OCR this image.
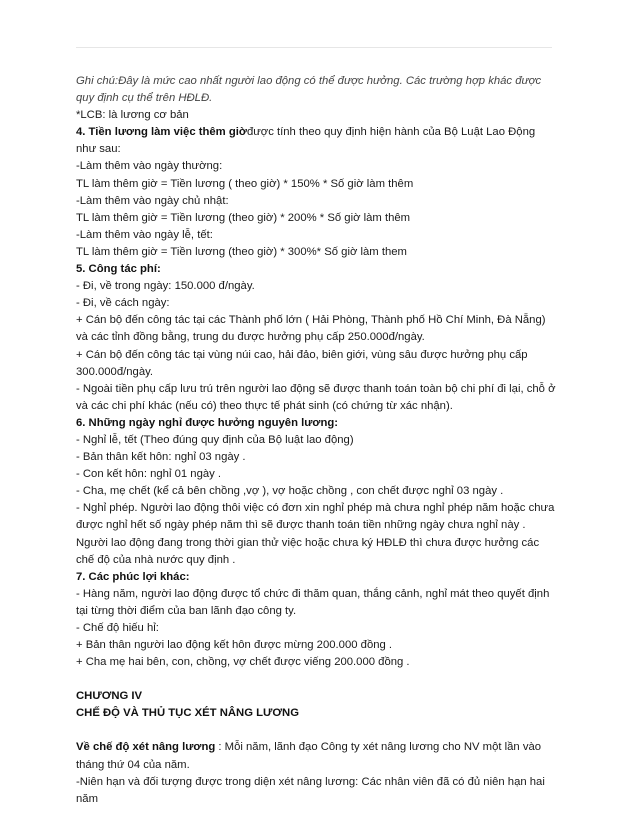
Ghi chú:Đây là mức cao nhất người lao động có thể được hưởng. Các trường hợp khác được quy định cụ thể trên HĐLĐ.

*LCB: là lương cơ bản

4. Tiền lương làm việc thêm giờđược tính theo quy định hiện hành của Bộ Luật Lao Động như sau:

-Làm thêm vào ngày thường:

TL làm thêm giờ = Tiền lương ( theo giờ) * 150% * Số giờ làm thêm

-Làm thêm vào ngày chủ nhật:

TL làm thêm giờ = Tiền lương (theo giờ) * 200% * Số giờ làm thêm

-Làm thêm vào ngày lễ, tết:

TL làm thêm giờ = Tiền lương (theo giờ) * 300%* Số giờ làm them

5. Công tác phí:

- Đi, về trong ngày: 150.000 đ/ngày.

- Đi, về cách ngày:

+ Cán bộ đến công tác tại các Thành phố lớn ( Hải Phòng, Thành phố Hồ Chí Minh, Đà Nẵng) và các tỉnh đồng bằng, trung du được hưởng phụ cấp 250.000đ/ngày.

+ Cán bộ đến công tác tại vùng núi cao, hải đảo, biên giới, vùng sâu được hưởng phụ cấp 300.000đ/ngày.

- Ngoài tiền phụ cấp lưu trú trên người lao động sẽ được thanh toán toàn bộ chi phí đi lại, chỗ ở và các chi phí khác (nếu có) theo thực tế phát sinh (có chứng từ xác nhận).

6. Những ngày nghỉ được hưởng nguyên lương:

- Nghỉ lễ, tết (Theo đúng quy định của Bộ luật lao động)

- Bản thân kết hôn: nghỉ 03 ngày .

- Con kết hôn: nghỉ 01 ngày .

- Cha, mẹ chết (kể cả bên chồng ,vợ ), vợ hoặc chồng , con chết được nghỉ 03 ngày .

- Nghỉ phép. Người lao động thôi việc có đơn xin nghỉ phép mà chưa nghỉ phép năm hoặc chưa được nghỉ hết số ngày phép năm thì sẽ được thanh toán tiền những ngày chưa nghỉ này . Người lao động đang trong thời gian thử việc hoặc chưa ký HĐLĐ thì chưa được hưởng các chế độ của nhà nước quy định .

7. Các phúc lợi khác:

- Hàng năm, người lao động được tổ chức đi thăm quan, thắng cảnh, nghỉ mát theo quyết định tại từng thời điểm của ban lãnh đạo công ty.

- Chế độ hiếu hỉ:

+ Bản thân người lao động kết hôn được mừng 200.000 đồng .

+ Cha mẹ hai bên, con, chồng, vợ chết được viếng 200.000 đồng .

CHƯƠNG IV

CHẾ ĐỘ VÀ THỦ TỤC XÉT NÂNG LƯƠNG

Về chế độ xét nâng lương : Mỗi năm, lãnh đạo Công ty xét nâng lương cho NV một lần vào tháng thứ 04 của năm.

-Niên hạn và đối tượng được trong diện xét nâng lương: Các nhân viên đã có đủ niên hạn hai năm
